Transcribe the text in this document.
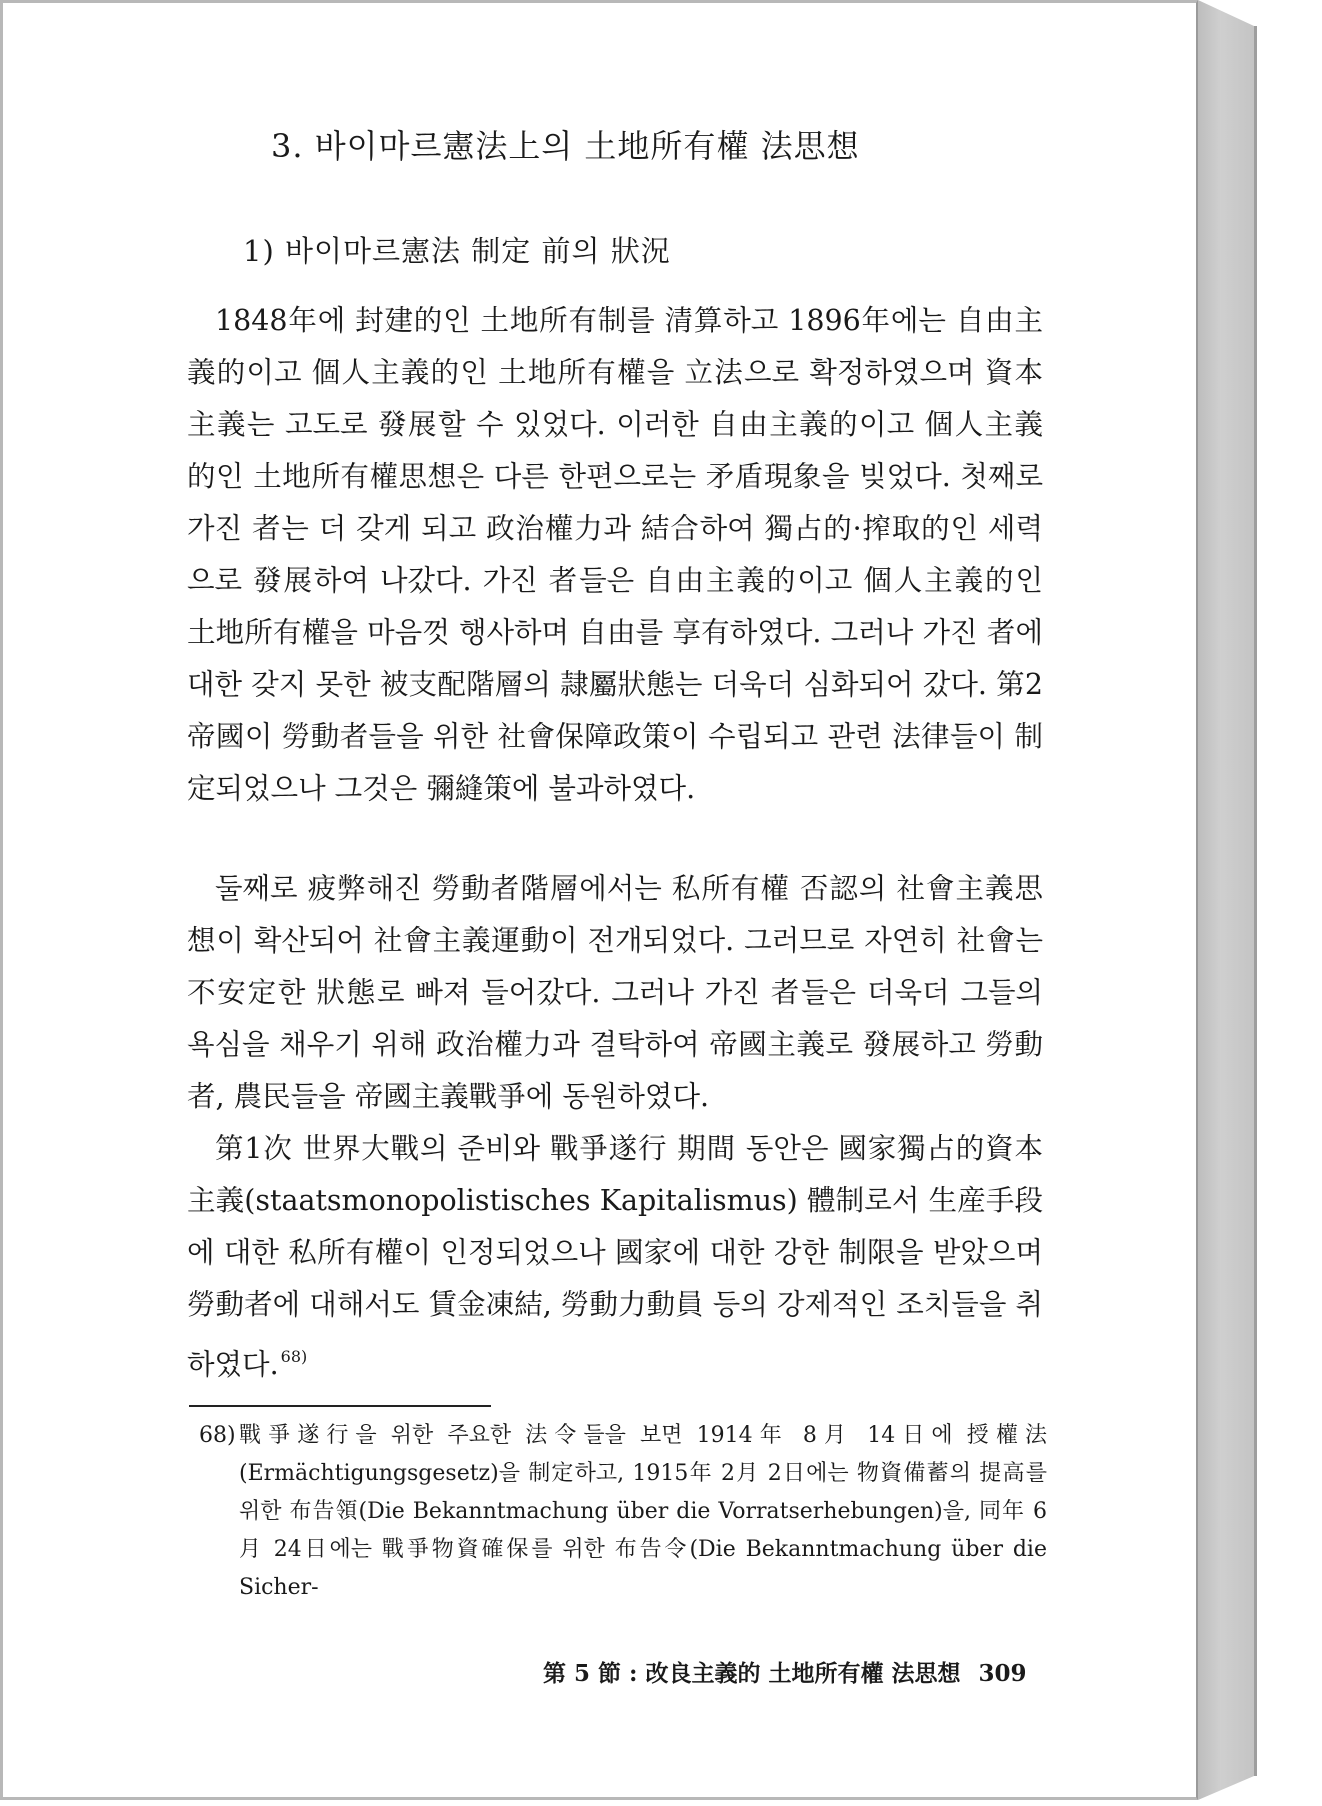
3. 바이마르憲法上의 土地所有權 法思想
1) 바이마르憲法 制定 前의 狀況

1848年에 封建的인 土地所有制를 清算하고 1896年에는 自由主義的이고 個人主義的인 土地所有權을 立法으로 확정하였으며 資本主義는 고도로 發展할 수 있었다. 이러한 自由主義的이고 個人主義的인 土地所有權思想은 다른 한편으로는 矛盾現象을 빚었다. 첫째로 가진 者는 더 갖게 되고 政治權力과 結合하여 獨占的·搾取的인 세력으로 發展하여 나갔다. 가진 者들은 自由主義的이고 個人主義的인 土地所有權을 마음껏 행사하며 自由를 享有하였다. 그러나 가진 者에 대한 갖지 못한 被支配階層의 隷屬狀態는 더욱더 심화되어 갔다. 第2帝國이 勞動者들을 위한 社會保障政策이 수립되고 관련 法律들이 制定되었으나 그것은 彌縫策에 불과하였다.

둘째로 疲弊해진 勞動者階層에서는 私所有權 否認의 社會主義思想이 확산되어 社會主義運動이 전개되었다. 그러므로 자연히 社會는 不安定한 狀態로 빠져 들어갔다. 그러나 가진 者들은 더욱더 그들의 욕심을 채우기 위해 政治權力과 결탁하여 帝國主義로 發展하고 勞動者, 農民들을 帝國主義戰爭에 동원하였다.

第1次 世界大戰의 준비와 戰爭遂行 期間 동안은 國家獨占的資本主義(staatsmonopolistisches Kapitalismus) 體制로서 生産手段에 대한 私所有權이 인정되었으나 國家에 대한 강한 制限을 받았으며 勞動者에 대해서도 賃金凍結, 勞動力動員 등의 강제적인 조치들을 취하였다. $^{68)}$

68) 戰爭遂行을 위한 주요한 法令들을 보면 1914年 8月 14日에 授權法(Ermächtigungsgesetz)을 制定하고, 1915年 2月 2日에는 物資備蓄의 提高를 위한 布告領(Die Bekanntmachung über die Vorratserhebungen)을, 同年 6月 24日에는 戰爭物資確保를 위한 布告令(Die Bekanntmachung über die Sicher-
第 5 節 : 改良主義的 土地所有權 法思想 309
